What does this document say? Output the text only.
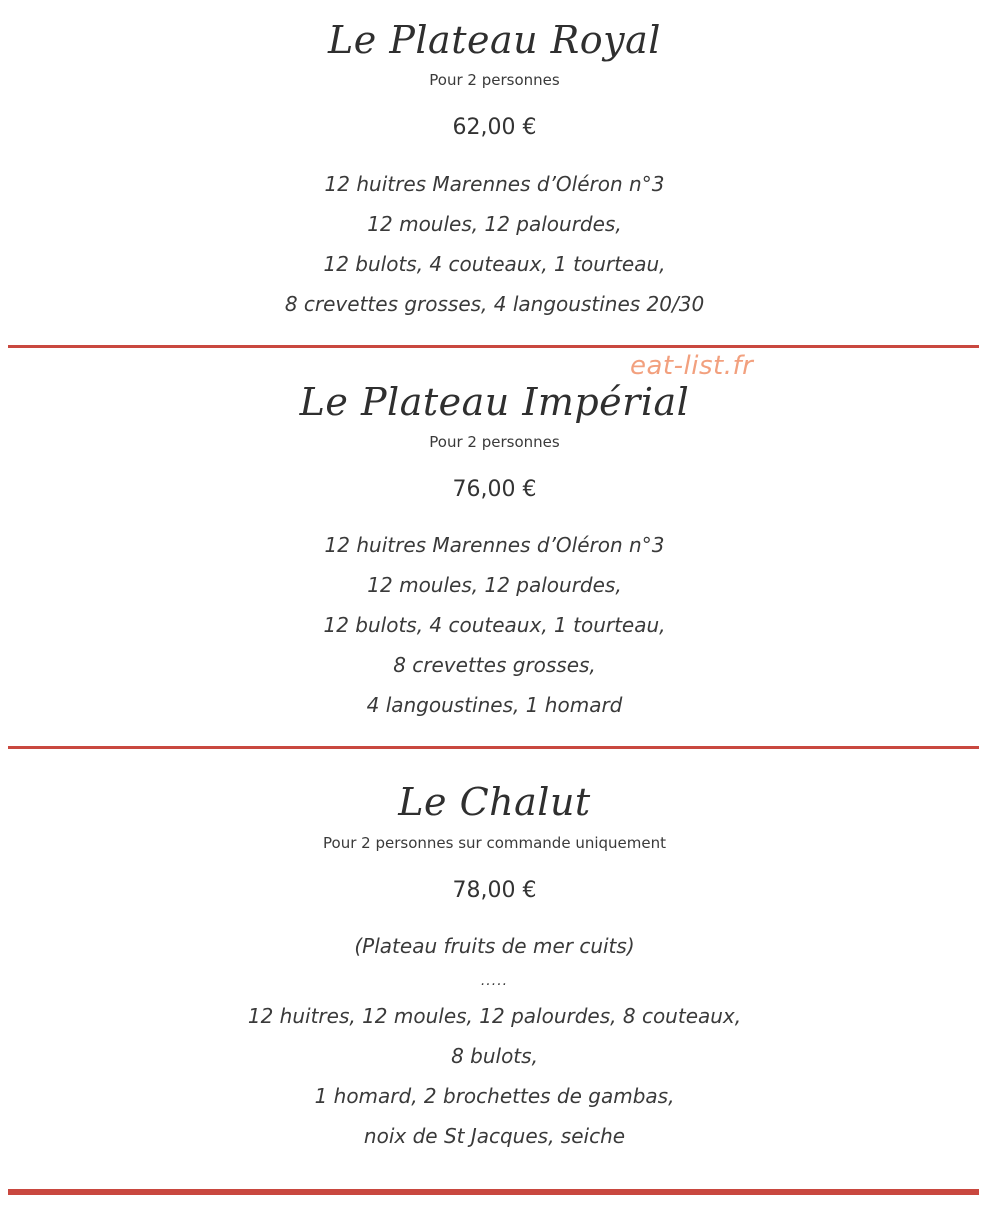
Le Plateau Royal
Pour 2 personnes
62,00 €
12 huitres Marennes d’Oléron n°3
12 moules, 12 palourdes,
12 bulots, 4 couteaux, 1 tourteau,
8 crevettes grosses, 4 langoustines 20/30
eat-list.fr
Le Plateau Impérial
Pour 2 personnes
76,00 €
12 huitres Marennes d’Oléron n°3
12 moules, 12 palourdes,
12 bulots, 4 couteaux, 1 tourteau,
8 crevettes grosses,
4 langoustines, 1 homard
Le Chalut
Pour 2 personnes sur commande uniquement
78,00 €
(Plateau fruits de mer cuits)
.....
12 huitres, 12 moules, 12 palourdes, 8 couteaux,
8 bulots,
1 homard, 2 brochettes de gambas,
noix de St Jacques, seiche
